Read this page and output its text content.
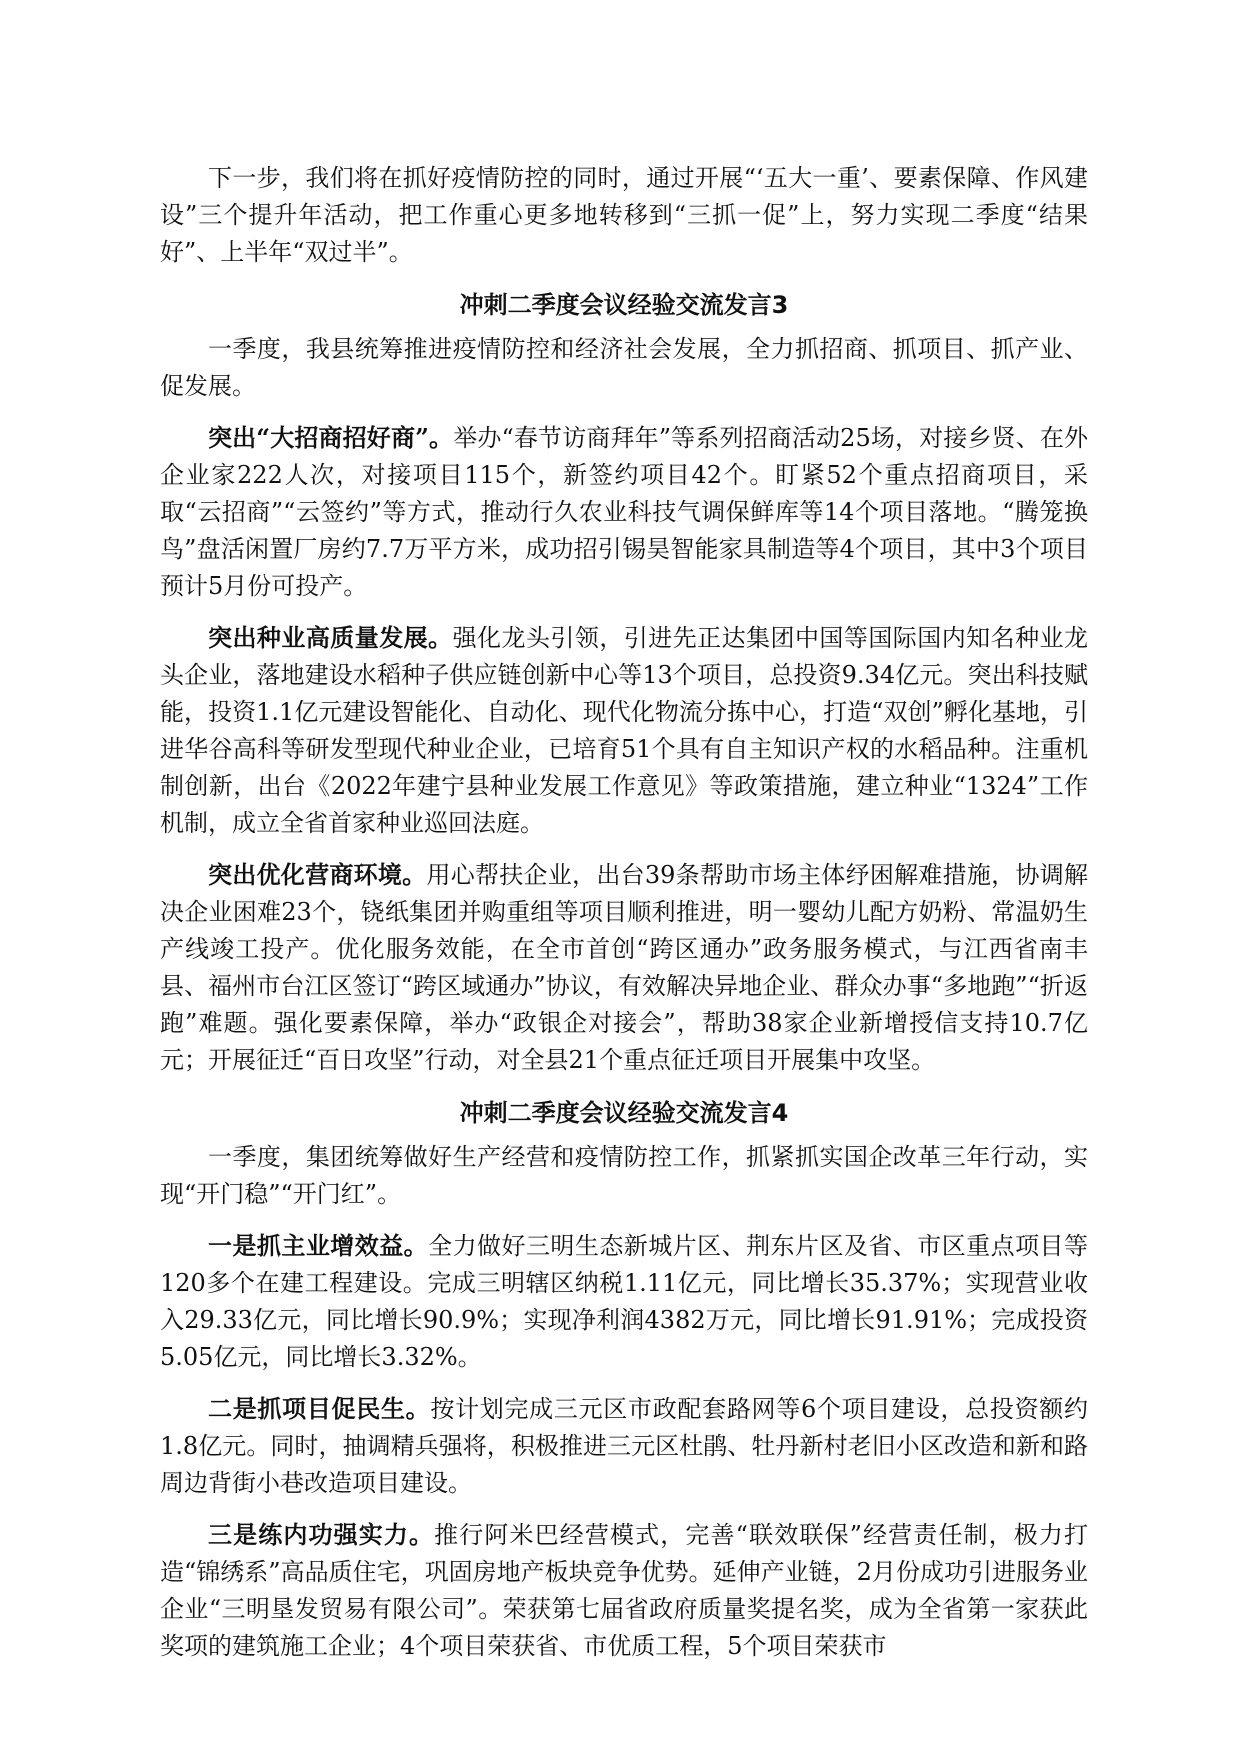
下一步，我们将在抓好疫情防控的同时，通过开展“‘五大一重’、要素保障、作风建设”三个提升年活动，把工作重心更多地转移到“三抓一促”上，努力实现二季度“结果好”、上半年“双过半”。

冲刺二季度会议经验交流发言3

一季度，我县统筹推进疫情防控和经济社会发展，全力抓招商、抓项目、抓产业、促发展。

突出“大招商招好商”。举办“春节访商拜年”等系列招商活动25场，对接乡贤、在外企业家222人次，对接项目115个，新签约项目42个。盯紧52个重点招商项目，采取“云招商”“云签约”等方式，推动行久农业科技气调保鲜库等14个项目落地。“腾笼换鸟”盘活闲置厂房约7.7万平方米，成功招引锡昊智能家具制造等4个项目，其中3个项目预计5月份可投产。

突出种业高质量发展。强化龙头引领，引进先正达集团中国等国际国内知名种业龙头企业，落地建设水稻种子供应链创新中心等13个项目，总投资9.34亿元。突出科技赋能，投资1.1亿元建设智能化、自动化、现代化物流分拣中心，打造“双创”孵化基地，引进华谷高科等研发型现代种业企业，已培育51个具有自主知识产权的水稻品种。注重机制创新，出台《2022年建宁县种业发展工作意见》等政策措施，建立种业“1324”工作机制，成立全省首家种业巡回法庭。

突出优化营商环境。用心帮扶企业，出台39条帮助市场主体纾困解难措施，协调解决企业困难23个，铙纸集团并购重组等项目顺利推进，明一婴幼儿配方奶粉、常温奶生产线竣工投产。优化服务效能，在全市首创“跨区通办”政务服务模式，与江西省南丰县、福州市台江区签订“跨区域通办”协议，有效解决异地企业、群众办事“多地跑”“折返跑”难题。强化要素保障，举办“政银企对接会”，帮助38家企业新增授信支持10.7亿元；开展征迁“百日攻坚”行动，对全县21个重点征迁项目开展集中攻坚。

冲刺二季度会议经验交流发言4

一季度，集团统筹做好生产经营和疫情防控工作，抓紧抓实国企改革三年行动，实现“开门稳”“开门红”。

一是抓主业增效益。全力做好三明生态新城片区、荆东片区及省、市区重点项目等120多个在建工程建设。完成三明辖区纳税1.11亿元，同比增长35.37%；实现营业收入29.33亿元，同比增长90.9%；实现净利润4382万元，同比增长91.91%；完成投资5.05亿元，同比增长3.32%。

二是抓项目促民生。按计划完成三元区市政配套路网等6个项目建设，总投资额约1.8亿元。同时，抽调精兵强将，积极推进三元区杜鹃、牡丹新村老旧小区改造和新和路周边背街小巷改造项目建设。

三是练内功强实力。推行阿米巴经营模式，完善“联效联保”经营责任制，极力打造“锦绣系”高品质住宅，巩固房地产板块竞争优势。延伸产业链，2月份成功引进服务业企业“三明垦发贸易有限公司”。荣获第七届省政府质量奖提名奖，成为全省第一家获此奖项的建筑施工企业；4个项目荣获省、市优质工程，5个项目荣获市
